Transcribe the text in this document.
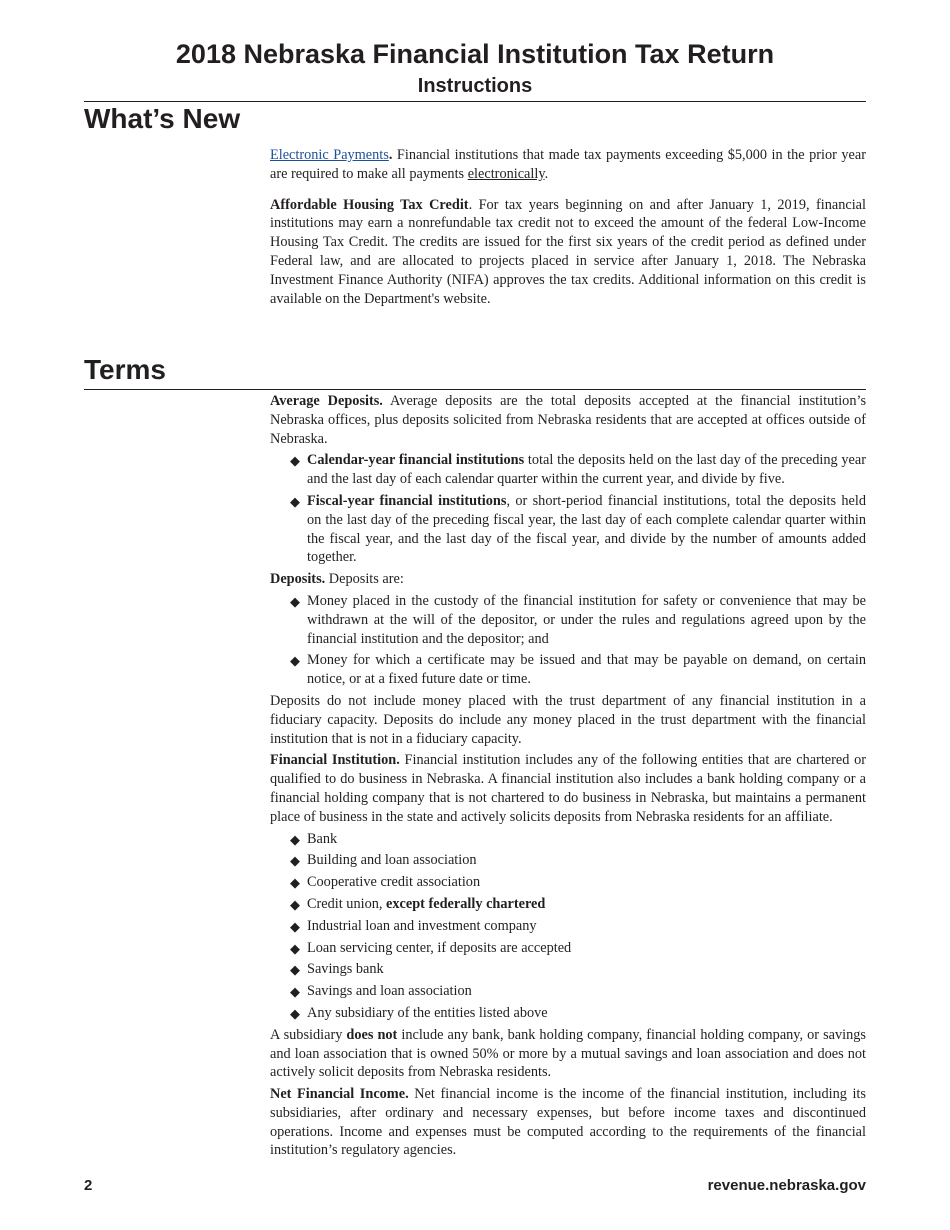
2018 Nebraska Financial Institution Tax Return
Instructions
What’s New

Electronic Payments. Financial institutions that made tax payments exceeding $5,000 in the prior year are required to make all payments electronically.

Affordable Housing Tax Credit. For tax years beginning on and after January 1, 2019, financial institutions may earn a nonrefundable tax credit not to exceed the amount of the federal Low-Income Housing Tax Credit. The credits are issued for the first six years of the credit period as defined under Federal law, and are allocated to projects placed in service after January 1, 2018. The Nebraska Investment Finance Authority (NIFA) approves the tax credits. Additional information on this credit is available on the Department's website.

Terms

Average Deposits. Average deposits are the total deposits accepted at the financial institution’s Nebraska offices, plus deposits solicited from Nebraska residents that are accepted at offices outside of Nebraska.

◆ Calendar-year financial institutions total the deposits held on the last day of the preceding year and the last day of each calendar quarter within the current year, and divide by five.
◆ Fiscal-year financial institutions, or short-period financial institutions, total the deposits held on the last day of the preceding fiscal year, the last day of each complete calendar quarter within the fiscal year, and the last day of the fiscal year, and divide by the number of amounts added together.

Deposits. Deposits are:

◆ Money placed in the custody of the financial institution for safety or convenience that may be withdrawn at the will of the depositor, or under the rules and regulations agreed upon by the financial institution and the depositor; and
◆ Money for which a certificate may be issued and that may be payable on demand, on certain notice, or at a fixed future date or time.

Deposits do not include money placed with the trust department of any financial institution in a fiduciary capacity. Deposits do include any money placed in the trust department with the financial institution that is not in a fiduciary capacity.

Financial Institution. Financial institution includes any of the following entities that are chartered or qualified to do business in Nebraska. A financial institution also includes a bank holding company or a financial holding company that is not chartered to do business in Nebraska, but maintains a permanent place of business in the state and actively solicits deposits from Nebraska residents for an affiliate.

◆ Bank
◆ Building and loan association
◆ Cooperative credit association
◆ Credit union, except federally chartered
◆ Industrial loan and investment company
◆ Loan servicing center, if deposits are accepted
◆ Savings bank
◆ Savings and loan association
◆ Any subsidiary of the entities listed above

A subsidiary does not include any bank, bank holding company, financial holding company, or savings and loan association that is owned 50% or more by a mutual savings and loan association and does not actively solicit deposits from Nebraska residents.

Net Financial Income. Net financial income is the income of the financial institution, including its subsidiaries, after ordinary and necessary expenses, but before income taxes and discontinued operations. Income and expenses must be computed according to the requirements of the financial institution’s regulatory agencies.

2	revenue.nebraska.gov
